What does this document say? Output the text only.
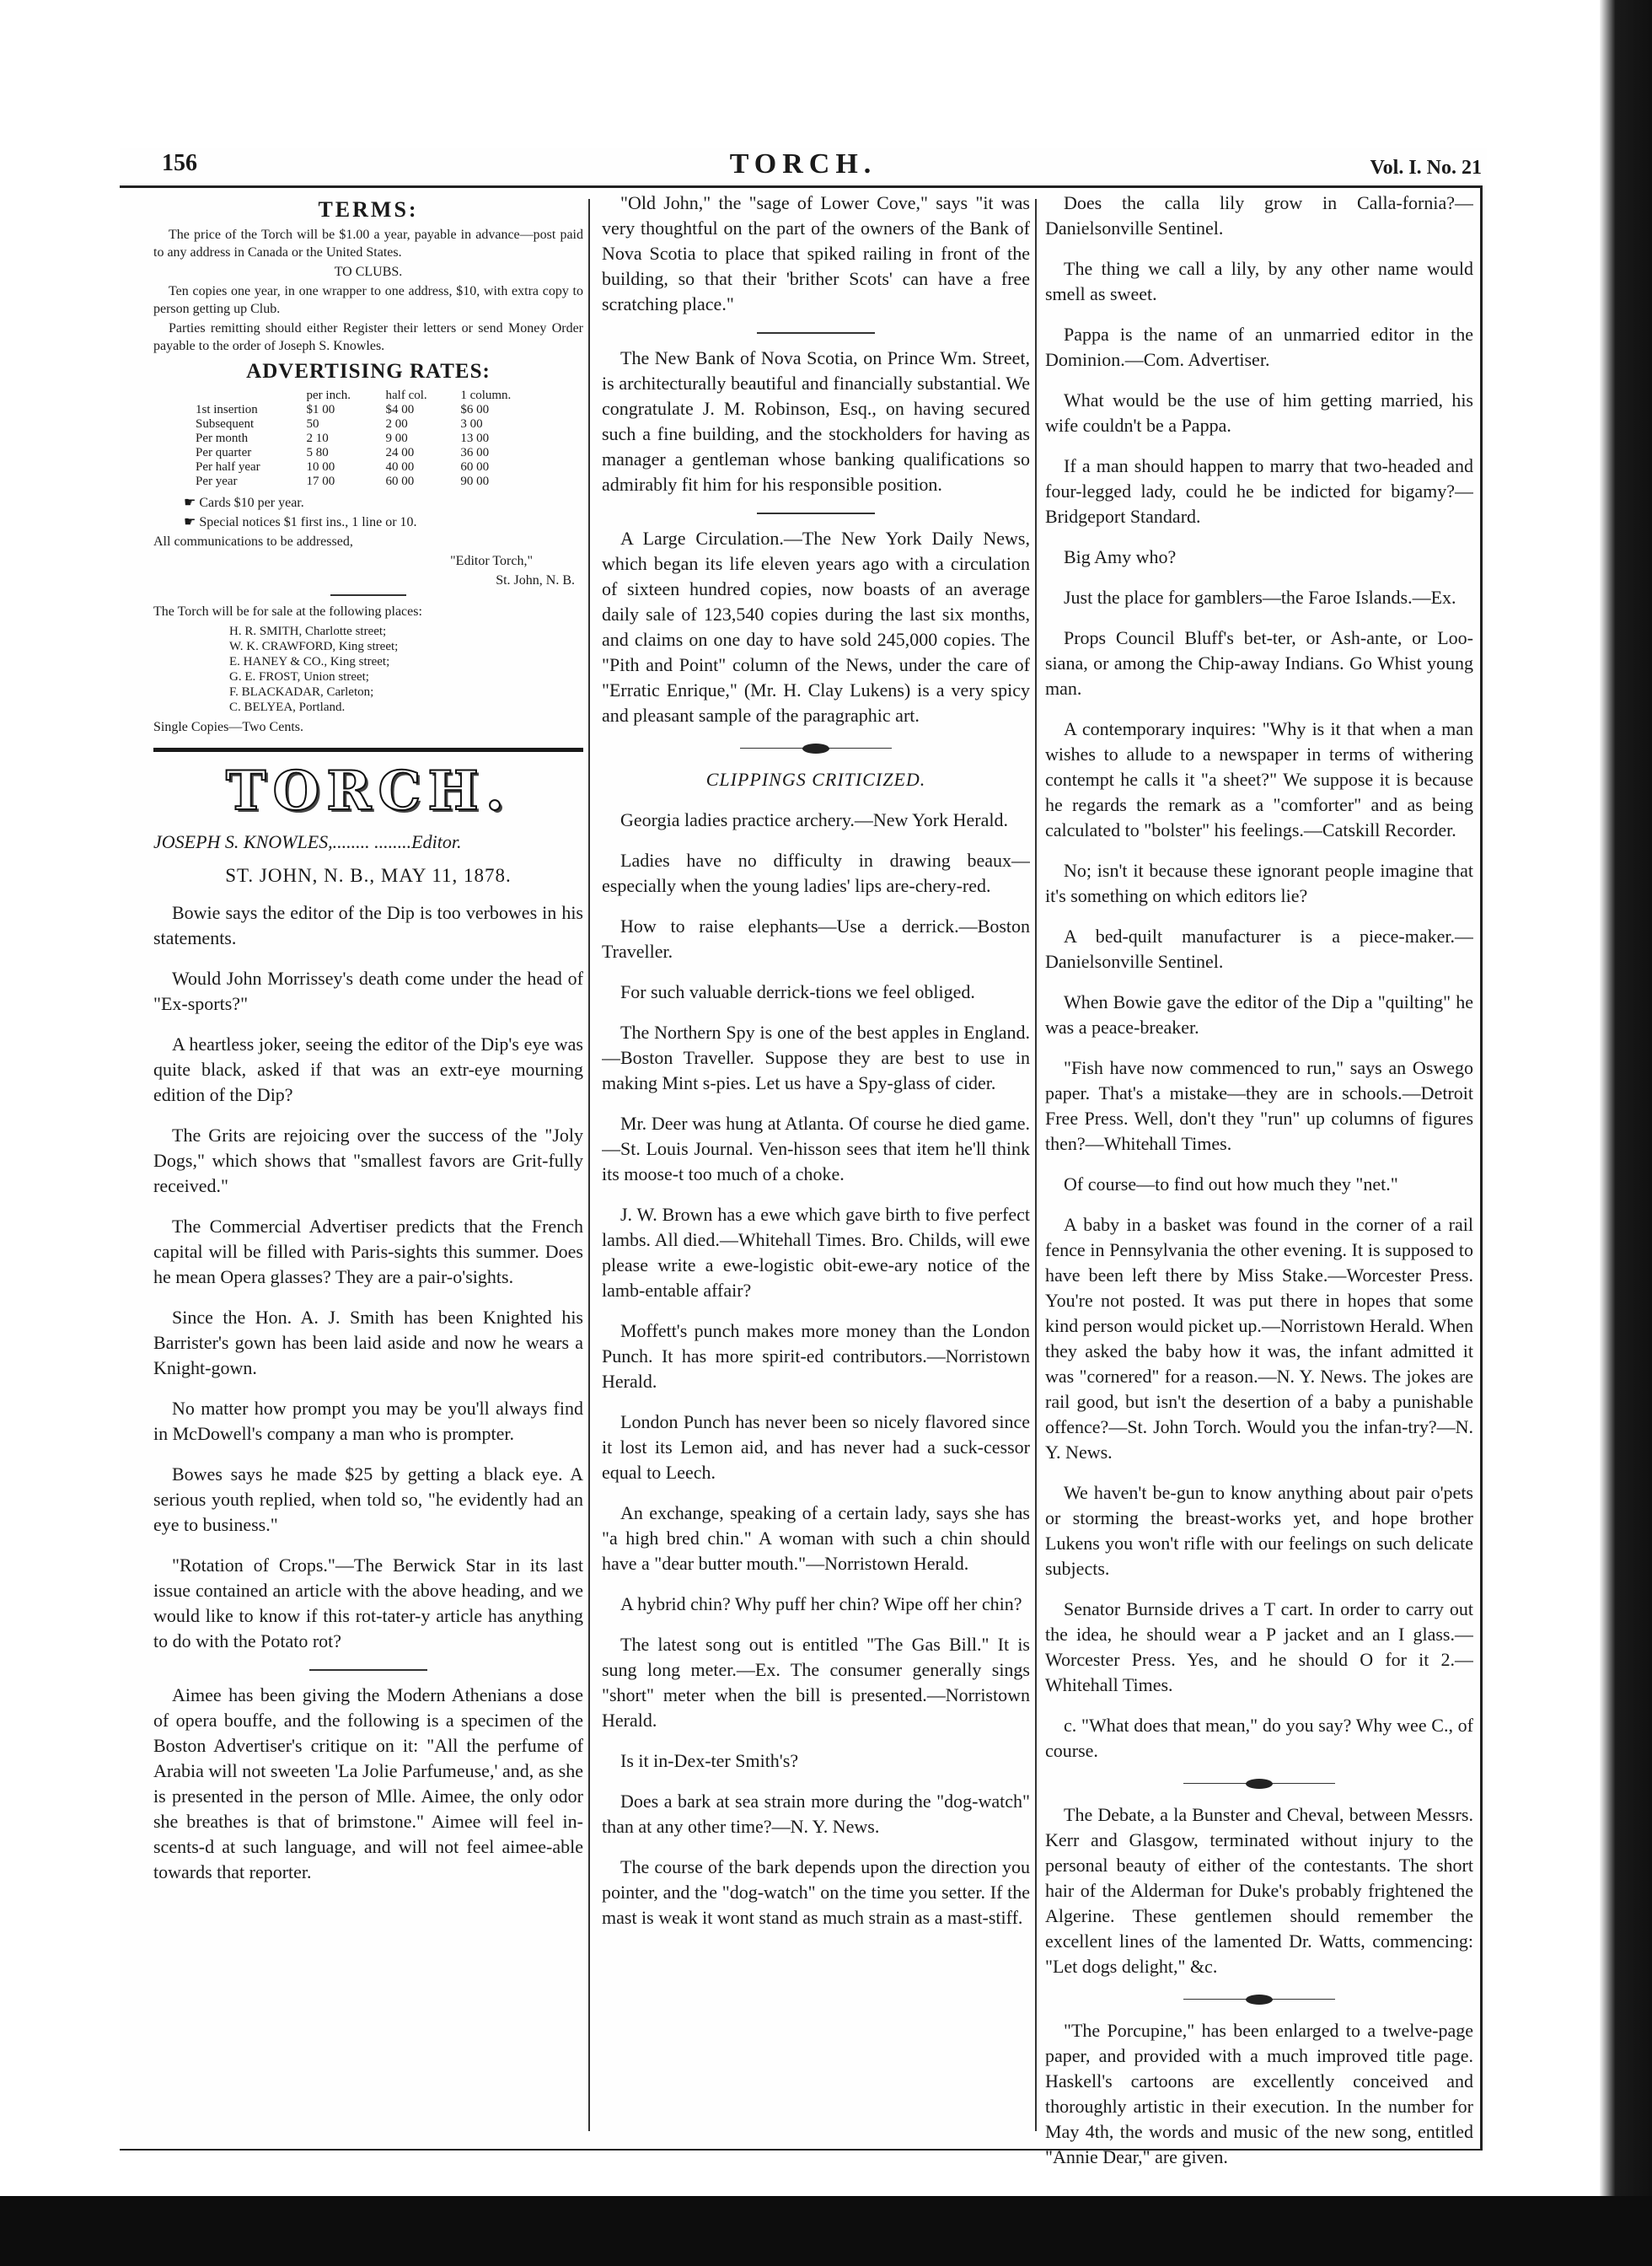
156	TORCH.	Vol. I. No. 21
TERMS:

The price of the Torch will be $1.00 a year, payable in advance—post paid to any address in Canada or the United States.

TO CLUBS.

Ten copies one year, in one wrapper to one address, $10, with extra copy to person getting up Club.

Parties remitting should either Register their letters or send Money Order payable to the order of Joseph S. Knowles.

ADVERTISING RATES:
	per inch.	half col.	1 column.
1st insertion	$1 00	$4 00	$6 00
Subsequent	50	2 00	3 00
Per month	2 10	9 00	13 00
Per quarter	5 80	24 00	36 00
Per half year	10 00	40 00	60 00
Per year	17 00	60 00	90 00

☛ Cards $10 per year.

☛ Special notices $1 first ins., 1 line or 10.

All communications to be addressed,

"Editor Torch,"

St. John, N. B.

The Torch will be for sale at the following places:

H. R. SMITH, Charlotte street;
W. K. CRAWFORD, King street;
E. HANEY & CO., King street;
G. E. FROST, Union street;
F. BLACKADAR, Carleton;
C. BELYEA, Portland.

Single Copies—Two Cents.

TORCH.
JOSEPH S. KNOWLES,........ ........Editor.
ST. JOHN, N. B., MAY 11, 1878.

Bowie says the editor of the Dip is too verbowes in his statements.

Would John Morrissey's death come under the head of "Ex-sports?"

A heartless joker, seeing the editor of the Dip's eye was quite black, asked if that was an extr-eye mourning edition of the Dip?

The Grits are rejoicing over the success of the "Joly Dogs," which shows that "smallest favors are Grit-fully received."

The Commercial Advertiser predicts that the French capital will be filled with Paris-sights this summer. Does he mean Opera glasses? They are a pair-o'sights.

Since the Hon. A. J. Smith has been Knighted his Barrister's gown has been laid aside and now he wears a Knight-gown.

No matter how prompt you may be you'll always find in McDowell's company a man who is prompter.

Bowes says he made $25 by getting a black eye. A serious youth replied, when told so, "he evidently had an eye to business."

"Rotation of Crops."—The Berwick Star in its last issue contained an article with the above heading, and we would like to know if this rot-tater-y article has anything to do with the Potato rot?

Aimee has been giving the Modern Athenians a dose of opera bouffe, and the following is a specimen of the Boston Advertiser's critique on it: "All the perfume of Arabia will not sweeten 'La Jolie Parfumeuse,' and, as she is presented in the person of Mlle. Aimee, the only odor she breathes is that of brimstone." Aimee will feel in-scents-d at such language, and will not feel aimee-able towards that reporter.

"Old John," the "sage of Lower Cove," says "it was very thoughtful on the part of the owners of the Bank of Nova Scotia to place that spiked railing in front of the building, so that their 'brither Scots' can have a free scratching place."

The New Bank of Nova Scotia, on Prince Wm. Street, is architecturally beautiful and financially substantial. We congratulate J. M. Robinson, Esq., on having secured such a fine building, and the stockholders for having as manager a gentleman whose banking qualifications so admirably fit him for his responsible position.

A Large Circulation.—The New York Daily News, which began its life eleven years ago with a circulation of sixteen hundred copies, now boasts of an average daily sale of 123,540 copies during the last six months, and claims on one day to have sold 245,000 copies. The "Pith and Point" column of the News, under the care of "Erratic Enrique," (Mr. H. Clay Lukens) is a very spicy and pleasant sample of the paragraphic art.

CLIPPINGS CRITICIZED.

Georgia ladies practice archery.—New York Herald.

Ladies have no difficulty in drawing beaux—especially when the young ladies' lips are-chery-red.

How to raise elephants—Use a derrick.—Boston Traveller.

For such valuable derrick-tions we feel obliged.

The Northern Spy is one of the best apples in England.—Boston Traveller. Suppose they are best to use in making Mint s-pies. Let us have a Spy-glass of cider.

Mr. Deer was hung at Atlanta. Of course he died game.—St. Louis Journal. Ven-hisson sees that item he'll think its moose-t too much of a choke.

J. W. Brown has a ewe which gave birth to five perfect lambs. All died.—Whitehall Times. Bro. Childs, will ewe please write a ewe-logistic obit-ewe-ary notice of the lamb-entable affair?

Moffett's punch makes more money than the London Punch. It has more spirit-ed contributors.—Norristown Herald.

London Punch has never been so nicely flavored since it lost its Lemon aid, and has never had a suck-cessor equal to Leech.

An exchange, speaking of a certain lady, says she has "a high bred chin." A woman with such a chin should have a "dear butter mouth."—Norristown Herald.

A hybrid chin? Why puff her chin? Wipe off her chin?

The latest song out is entitled "The Gas Bill." It is sung long meter.—Ex. The consumer generally sings "short" meter when the bill is presented.—Norristown Herald.

Is it in-Dex-ter Smith's?

Does a bark at sea strain more during the "dog-watch" than at any other time?—N. Y. News.

The course of the bark depends upon the direction you pointer, and the "dog-watch" on the time you setter. If the mast is weak it wont stand as much strain as a mast-stiff.

Does the calla lily grow in Calla-fornia?—Danielsonville Sentinel.

The thing we call a lily, by any other name would smell as sweet.

Pappa is the name of an unmarried editor in the Dominion.—Com. Advertiser.

What would be the use of him getting married, his wife couldn't be a Pappa.

If a man should happen to marry that two-headed and four-legged lady, could he be indicted for bigamy?—Bridgeport Standard.

Big Amy who?

Just the place for gamblers—the Faroe Islands.—Ex.

Props Council Bluff's bet-ter, or Ash-ante, or Loo-siana, or among the Chip-away Indians. Go Whist young man.

A contemporary inquires: "Why is it that when a man wishes to allude to a newspaper in terms of withering contempt he calls it "a sheet?" We suppose it is because he regards the remark as a "comforter" and as being calculated to "bolster" his feelings.—Catskill Recorder.

No; isn't it because these ignorant people imagine that it's something on which editors lie?

A bed-quilt manufacturer is a piece-maker.—Danielsonville Sentinel.

When Bowie gave the editor of the Dip a "quilting" he was a peace-breaker.

"Fish have now commenced to run," says an Oswego paper. That's a mistake—they are in schools.—Detroit Free Press. Well, don't they "run" up columns of figures then?—Whitehall Times.

Of course—to find out how much they "net."

A baby in a basket was found in the corner of a rail fence in Pennsylvania the other evening. It is supposed to have been left there by Miss Stake.—Worcester Press. You're not posted. It was put there in hopes that some kind person would picket up.—Norristown Herald. When they asked the baby how it was, the infant admitted it was "cornered" for a reason.—N. Y. News. The jokes are rail good, but isn't the desertion of a baby a punishable offence?—St. John Torch. Would you the infan-try?—N. Y. News.

We haven't be-gun to know anything about pair o'pets or storming the breast-works yet, and hope brother Lukens you won't rifle with our feelings on such delicate subjects.

Senator Burnside drives a T cart. In order to carry out the idea, he should wear a P jacket and an I glass.—Worcester Press. Yes, and he should O for it 2.—Whitehall Times.

c. "What does that mean," do you say? Why wee C., of course.

The Debate, a la Bunster and Cheval, between Messrs. Kerr and Glasgow, terminated without injury to the personal beauty of either of the contestants. The short hair of the Alderman for Duke's probably frightened the Algerine. These gentlemen should remember the excellent lines of the lamented Dr. Watts, commencing: "Let dogs delight," &c.

"The Porcupine," has been enlarged to a twelve-page paper, and provided with a much improved title page. Haskell's cartoons are excellently conceived and thoroughly artistic in their execution. In the number for May 4th, the words and music of the new song, entitled "Annie Dear," are given.
